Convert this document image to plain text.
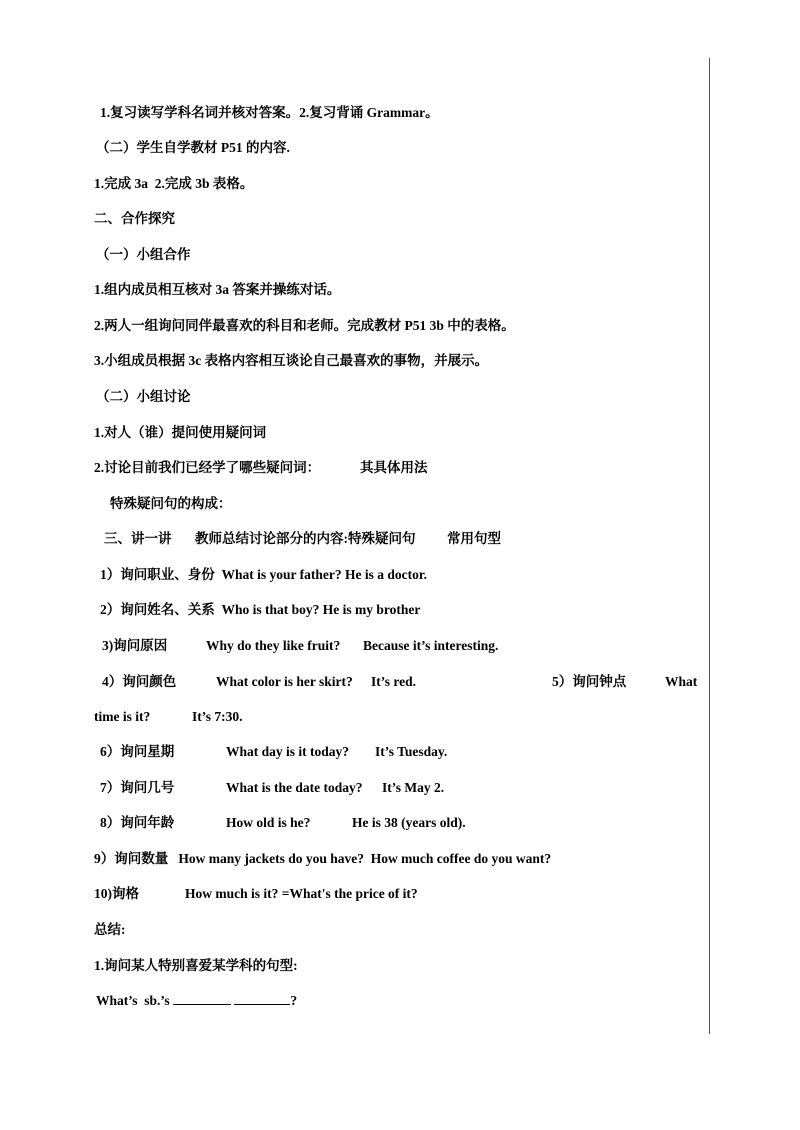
1.复习读写学科名词并核对答案。2.复习背诵 Grammar。
（二）学生自学教材 P51 的内容.
1.完成 3a  2.完成 3b 表格。
二、合作探究
（一）小组合作
1.组内成员相互核对 3a 答案并操练对话。
2.两人一组询问同伴最喜欢的科目和老师。完成教材 P51 3b 中的表格。
3.小组成员根据 3c 表格内容相互谈论自己最喜欢的事物，并展示。
（二）小组讨论
1.对人（谁）提问使用疑问词
2.讨论目前我们已经学了哪些疑问词：	其具体用法
特殊疑问句的构成：
三、讲一讲 教师总结讨论部分的内容:特殊疑问句 常用句型
1）询问职业、身份  What is your father? He is a doctor.
2）询问姓名、关系  Who is that boy? He is my brother
3)询问原因	Why do they like fruit? Because it’s interesting.
4）询问颜色	What color is her skirt? It’s red.	5）询问钟点	What
time is it?	It’s 7:30.
6）询问星期	What day is it today? It’s Tuesday.
7）询问几号	What is the date today? It’s May 2.
8）询问年龄	How old is he?	He is 38 (years old).
9）询问数量   How many jackets do you have?  How much coffee do you want?
10)询格	How much is it? =What's the price of it?
总结:
1.询问某人特别喜爱某学科的句型:
What’s  sb.’s	?
